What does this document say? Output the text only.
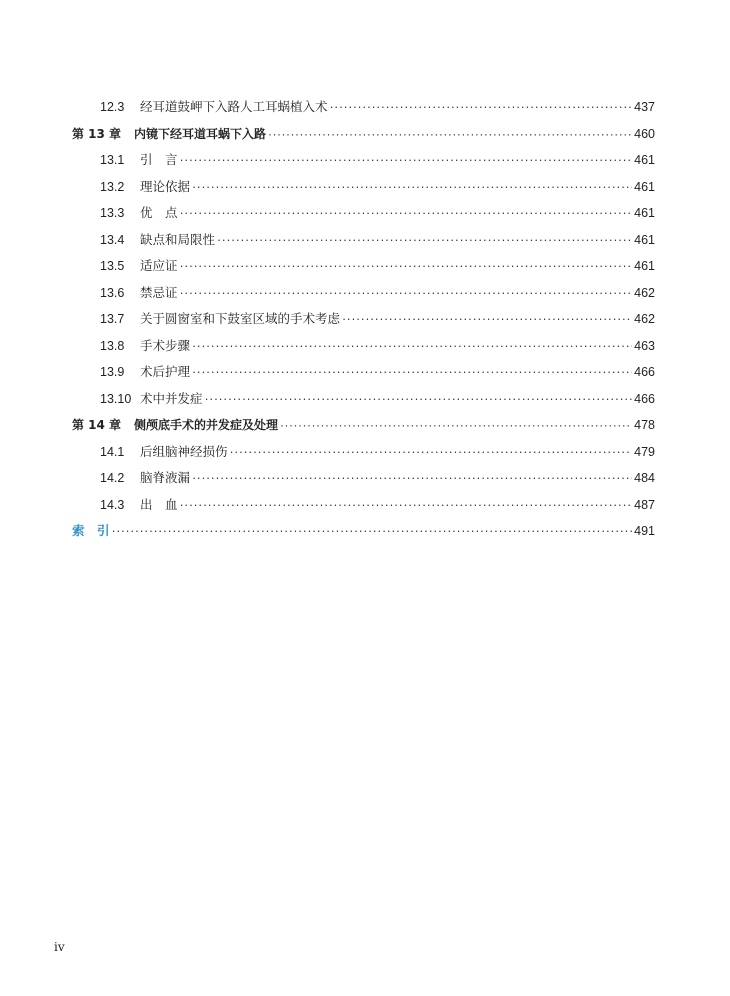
12.3	经耳道鼓岬下入路人工耳蜗植入术 ·····	437
第 13 章	内镜下经耳道耳蜗下入路 ·····	460
13.1	引　言 ·····	461
13.2	理论依据 ·····	461
13.3	优　点 ·····	461
13.4	缺点和局限性 ·····	461
13.5	适应证 ·····	461
13.6	禁忌证 ·····	462
13.7	关于圆窗室和下鼓室区域的手术考虑 ·····	462
13.8	手术步骤 ·····	463
13.9	术后护理 ·····	466
13.10 术中并发症 ·····	466
第 14 章	侧颅底手术的并发症及处理 ·····	478
14.1	后组脑神经损伤 ·····	479
14.2	脑脊液漏 ·····	484
14.3	出　血 ·····	487
索　引 ·····	491
iv
